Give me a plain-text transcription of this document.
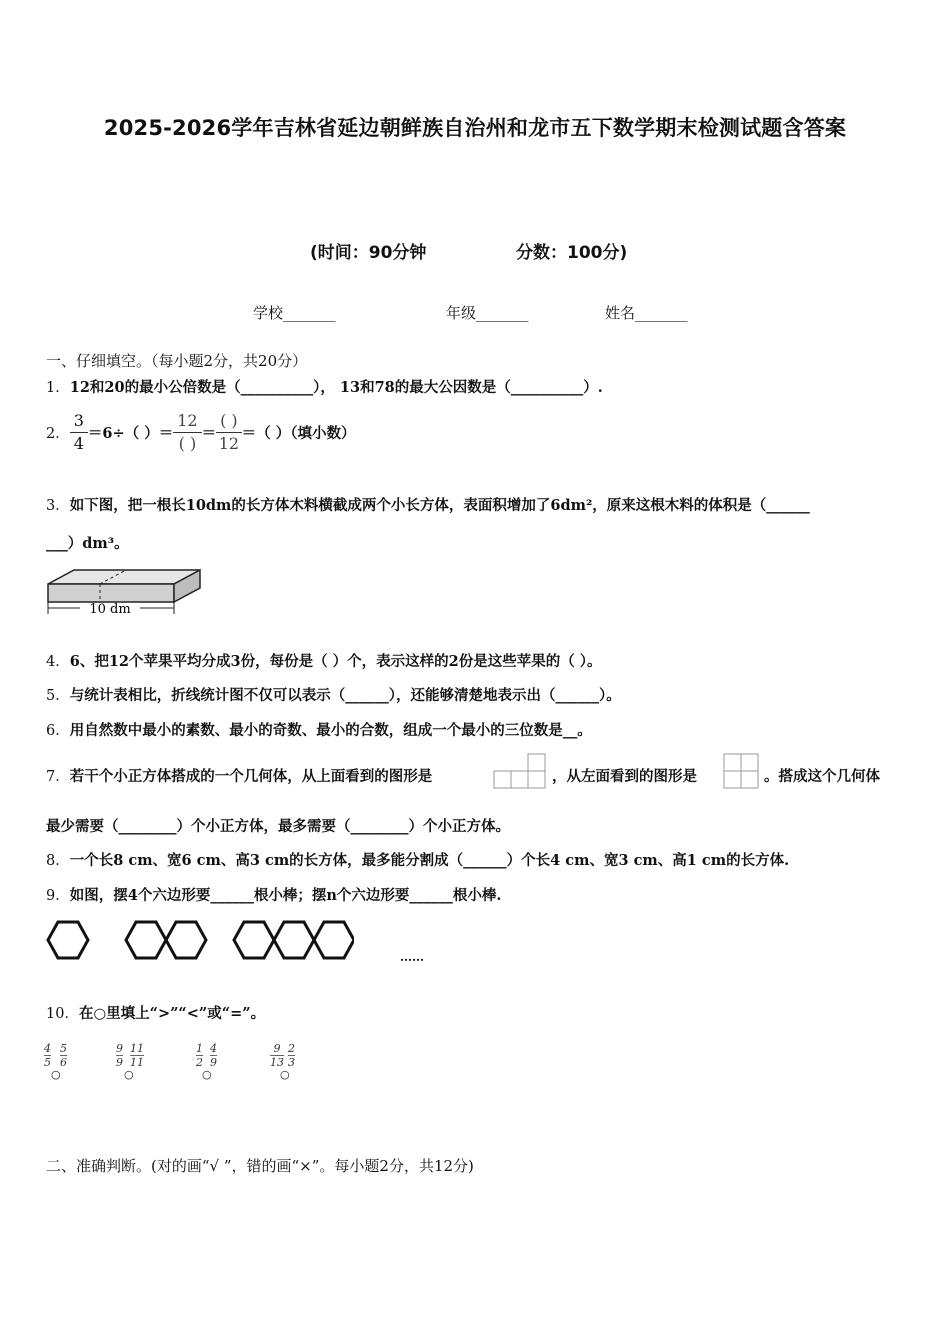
2025-2026学年吉林省延边朝鲜族自治州和龙市五下数学期末检测试题含答案
(时间：90分钟	分数：100分)
学校_______	年级_______	姓名_______
一、仔细填空。（每小题2分，共20分）
1．12和20的最小公倍数是（__________）， 13和78的最大公因数是（__________）.
2． $\frac{3}{4} =6\div$（ ）＝ $\frac{12}{( )} = \frac{( )}{12}$ ＝（ ）（填小数）
3．如下图，把一根长10dm的长方体木料横截成两个小长方体，表面积增加了6dm²，原来这根木料的体积是（______
___）dm³。
10 dm
4．6、把12个苹果平均分成3份，每份是（ ）个，表示这样的2份是这些苹果的（ ）。
5．与统计表相比，折线统计图不仅可以表示（______），还能够清楚地表示出（______）。
6．用自然数中最小的素数、最小的奇数、最小的合数，组成一个最小的三位数是__。
7．若干个小正方体搭成的一个几何体，从上面看到的图形是	，从左面看到的图形是	。搭成这个几何体
最少需要（________）个小正方体，最多需要（________）个小正方体。
8．一个长8 cm、宽6 cm、高3 cm的长方体，最多能分割成（______）个长4 cm、宽3 cm、高1 cm的长方体.
9．如图，摆4个六边形要______根小棒；摆n个六边形要______根小棒.
……
10．在○里填上“>”“<”或“=”。
4
5
5
6
○
9
9
11
11
○
1
2
4
9
○
9
13
2
3
○
二、准确判断。(对的画“√ ”，错的画“×”。每小题2分，共12分)
